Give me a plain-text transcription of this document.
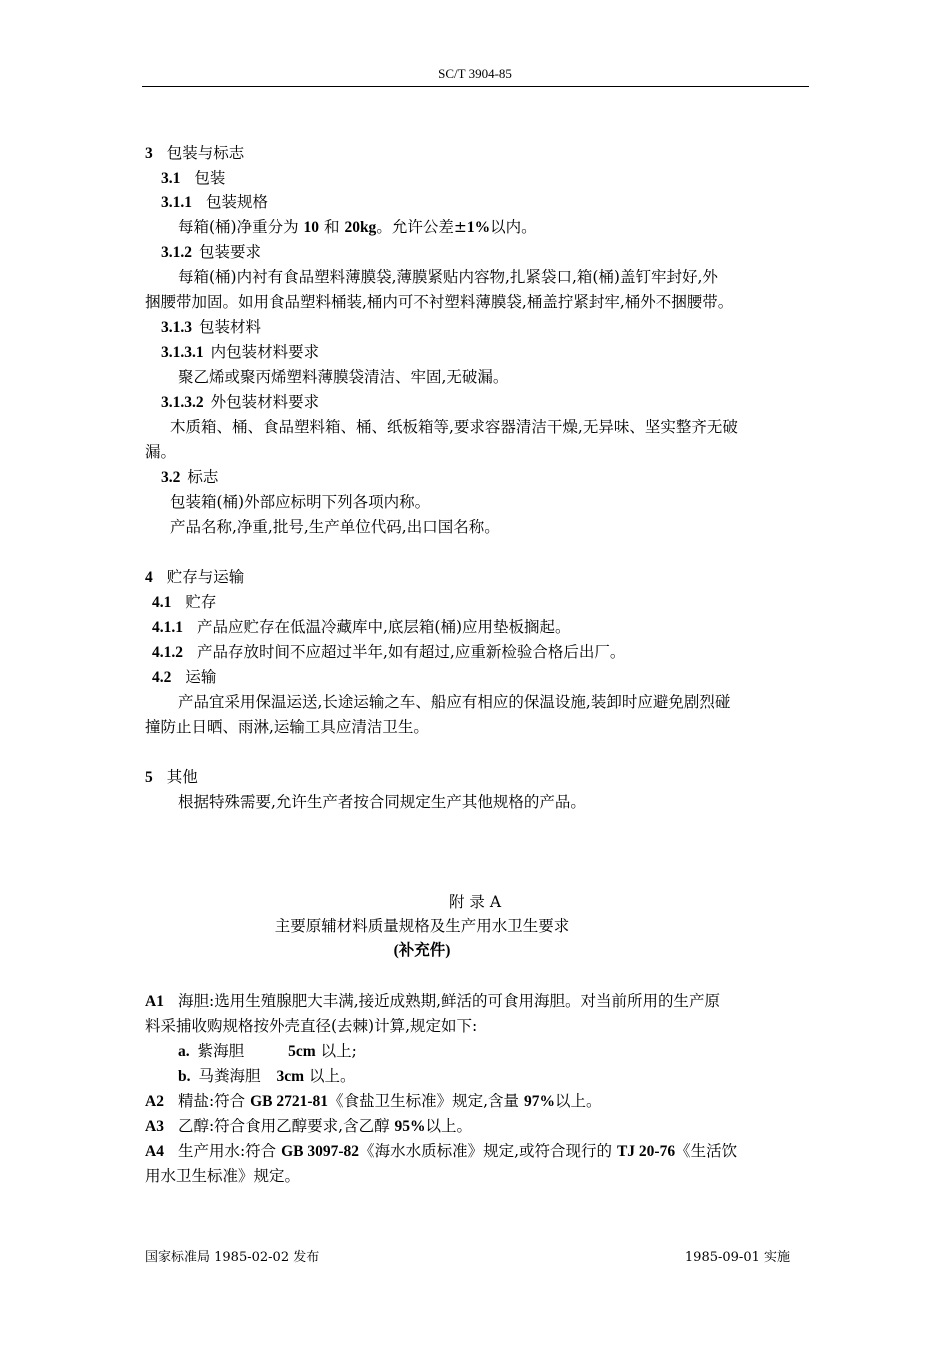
SC/T 3904-85
3 包装与标志
3.1 包装
3.1.1 包装规格
每箱(桶)净重分为 10 和 20kg。允许公差±1%以内。
3.1.2 包装要求
每箱(桶)内衬有食品塑料薄膜袋,薄膜紧贴内容物,扎紧袋口,箱(桶)盖钉牢封好,外
捆腰带加固。如用食品塑料桶装,桶内可不衬塑料薄膜袋,桶盖拧紧封牢,桶外不捆腰带。
3.1.3 包装材料
3.1.3.1 内包装材料要求
聚乙烯或聚丙烯塑料薄膜袋清洁、牢固,无破漏。
3.1.3.2 外包装材料要求
木质箱、桶、食品塑料箱、桶、纸板箱等,要求容器清洁干燥,无异味、坚实整齐无破
漏。
3.2 标志
包装箱(桶)外部应标明下列各项内称。
产品名称,净重,批号,生产单位代码,出口国名称。
4 贮存与运输
4.1 贮存
4.1.1 产品应贮存在低温冷藏库中,底层箱(桶)应用垫板搁起。
4.1.2 产品存放时间不应超过半年,如有超过,应重新检验合格后出厂。
4.2 运输
产品宜采用保温运送,长途运输之车、船应有相应的保温设施,装卸时应避免剧烈碰
撞防止日晒、雨淋,运输工具应清洁卫生。
5 其他
根据特殊需要,允许生产者按合同规定生产其他规格的产品。
附 录 A
主要原辅材料质量规格及生产用水卫生要求
(补充件)
A1 海胆:选用生殖腺肥大丰满,接近成熟期,鲜活的可食用海胆。对当前所用的生产原
料采捕收购规格按外壳直径(去棘)计算,规定如下:
a. 紫海胆	5cm 以上;
b. 马粪海胆 3cm 以上。
A2 精盐:符合 GB 2721-81《食盐卫生标准》规定,含量 97%以上。
A3 乙醇:符合食用乙醇要求,含乙醇 95%以上。
A4 生产用水:符合 GB 3097-82《海水水质标准》规定,或符合现行的 TJ 20-76《生活饮
用水卫生标准》规定。
国家标准局 1985-02-02 发布	1985-09-01 实施
